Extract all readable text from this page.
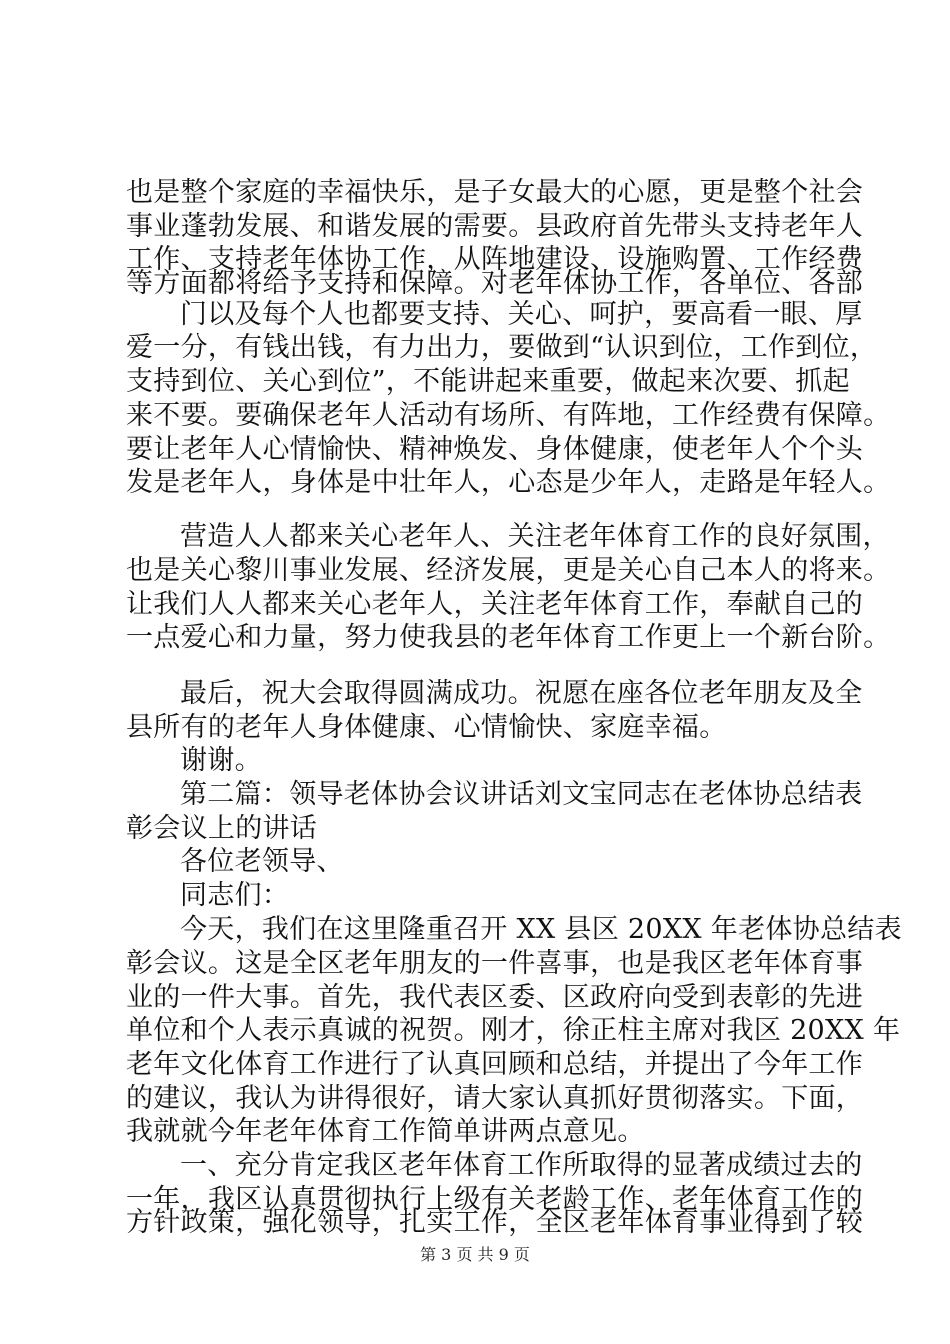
也是整个家庭的幸福快乐，是子女最大的心愿，更是整个社会
事业蓬勃发展、和谐发展的需要。县政府首先带头支持老年人
工作、支持老年体协工作，从阵地建设、设施购置、工作经费
等方面都将给予支持和保障。对老年体协工作，各单位、各部
门以及每个人也都要支持、关心、呵护，要高看一眼、厚
爱一分，有钱出钱，有力出力，要做到“认识到位，工作到位，
支持到位、关心到位”，不能讲起来重要，做起来次要、抓起
来不要。要确保老年人活动有场所、有阵地，工作经费有保障。
要让老年人心情愉快、精神焕发、身体健康，使老年人个个头
发是老年人，身体是中壮年人，心态是少年人，走路是年轻人。
营造人人都来关心老年人、关注老年体育工作的良好氛围，
也是关心黎川事业发展、经济发展，更是关心自己本人的将来。
让我们人人都来关心老年人，关注老年体育工作，奉献自己的
一点爱心和力量，努力使我县的老年体育工作更上一个新台阶。
最后，祝大会取得圆满成功。祝愿在座各位老年朋友及全
县所有的老年人身体健康、心情愉快、家庭幸福。
谢谢。
第二篇：领导老体协会议讲话刘文宝同志在老体协总结表
彰会议上的讲话
各位老领导、
同志们：
今天，我们在这里隆重召开 XX 县区 20XX 年老体协总结表
彰会议。这是全区老年朋友的一件喜事，也是我区老年体育事
业的一件大事。首先，我代表区委、区政府向受到表彰的先进
单位和个人表示真诚的祝贺。刚才，徐正柱主席对我区 20XX 年
老年文化体育工作进行了认真回顾和总结，并提出了今年工作
的建议，我认为讲得很好，请大家认真抓好贯彻落实。下面，
我就就今年老年体育工作简单讲两点意见。
一、充分肯定我区老年体育工作所取得的显著成绩过去的
一年，我区认真贯彻执行上级有关老龄工作、老年体育工作的
方针政策，强化领导，扎实工作，全区老年体育事业得到了较
第 3 页 共 9 页
